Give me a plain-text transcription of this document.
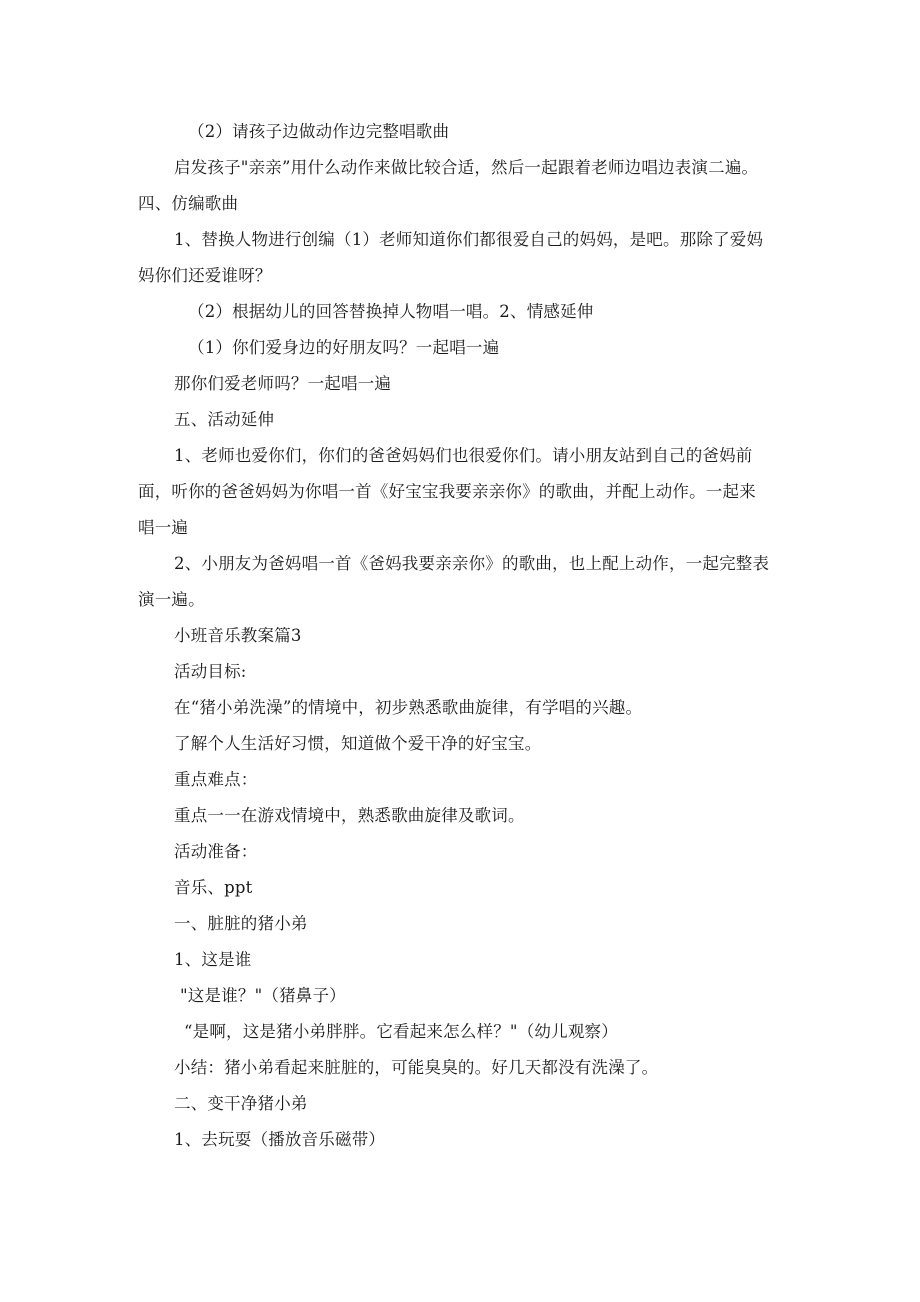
（2）请孩子边做动作边完整唱歌曲
启发孩子"亲亲”用什么动作来做比较合适，然后一起跟着老师边唱边表演二遍。
四、仿编歌曲
1、替换人物进行创编（1）老师知道你们都很爱自己的妈妈，是吧。那除了爱妈
妈你们还爱谁呀？
（2）根据幼儿的回答替换掉人物唱一唱。2、情感延伸
（1）你们爱身边的好朋友吗？一起唱一遍
那你们爱老师吗？一起唱一遍
五、活动延伸
1、老师也爱你们，你们的爸爸妈妈们也很爱你们。请小朋友站到自己的爸妈前
面，听你的爸爸妈妈为你唱一首《好宝宝我要亲亲你》的歌曲，并配上动作。一起来
唱一遍
2、小朋友为爸妈唱一首《爸妈我要亲亲你》的歌曲，也上配上动作，一起完整表
演一遍。
小班音乐教案篇3
活动目标:
在“猪小弟洗澡”的情境中，初步熟悉歌曲旋律，有学唱的兴趣。
了解个人生活好习惯，知道做个爱干净的好宝宝。
重点难点：
重点一一在游戏情境中，熟悉歌曲旋律及歌词。
活动准备：
音乐、ppt
一、脏脏的猪小弟
1、这是谁
"这是谁？"（猪鼻子）
“是啊，这是猪小弟胖胖。它看起来怎么样？"（幼儿观察）
小结：猪小弟看起来脏脏的，可能臭臭的。好几天都没有洗澡了。
二、变干净猪小弟
1、去玩耍（播放音乐磁带）
